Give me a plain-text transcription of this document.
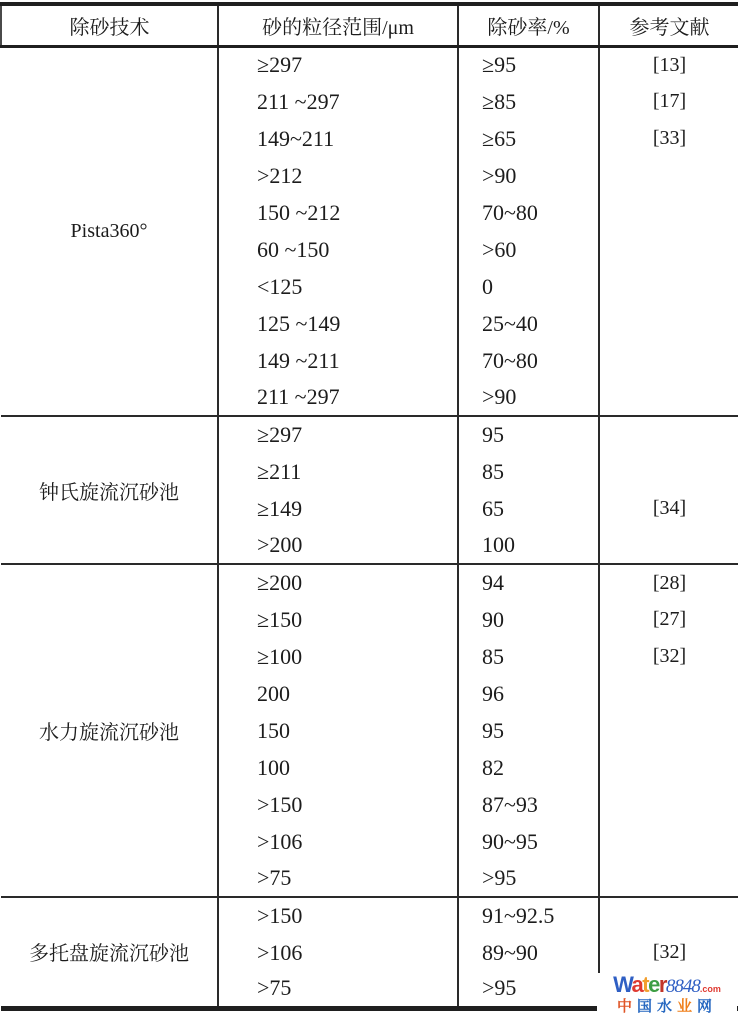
除砂技术	砂的粒径范围/μm	除砂率/%	参考文献
Pista360°	≥297	≥95	[13]
	211 ~297	≥85	[17]
	149~211	≥65	[33]
	>212	>90	
	150 ~212	70~80	
	60 ~150	>60	
	<125	0	
	125 ~149	25~40	
	149 ~211	70~80	
	211 ~297	>90	
钟氏旋流沉砂池	≥297	95	
	≥211	85	
	≥149	65	[34]
	>200	100	
水力旋流沉砂池	≥200	94	[28]
	≥150	90	[27]
	≥100	85	[32]
	200	96	
	150	95	
	100	82	
	>150	87~93	
	>106	90~95	
	>75	>95	
多托盘旋流沉砂池	>150	91~92.5	
	>106	89~90	[32]
	>75	>95		Water8848.com
中国水业网
